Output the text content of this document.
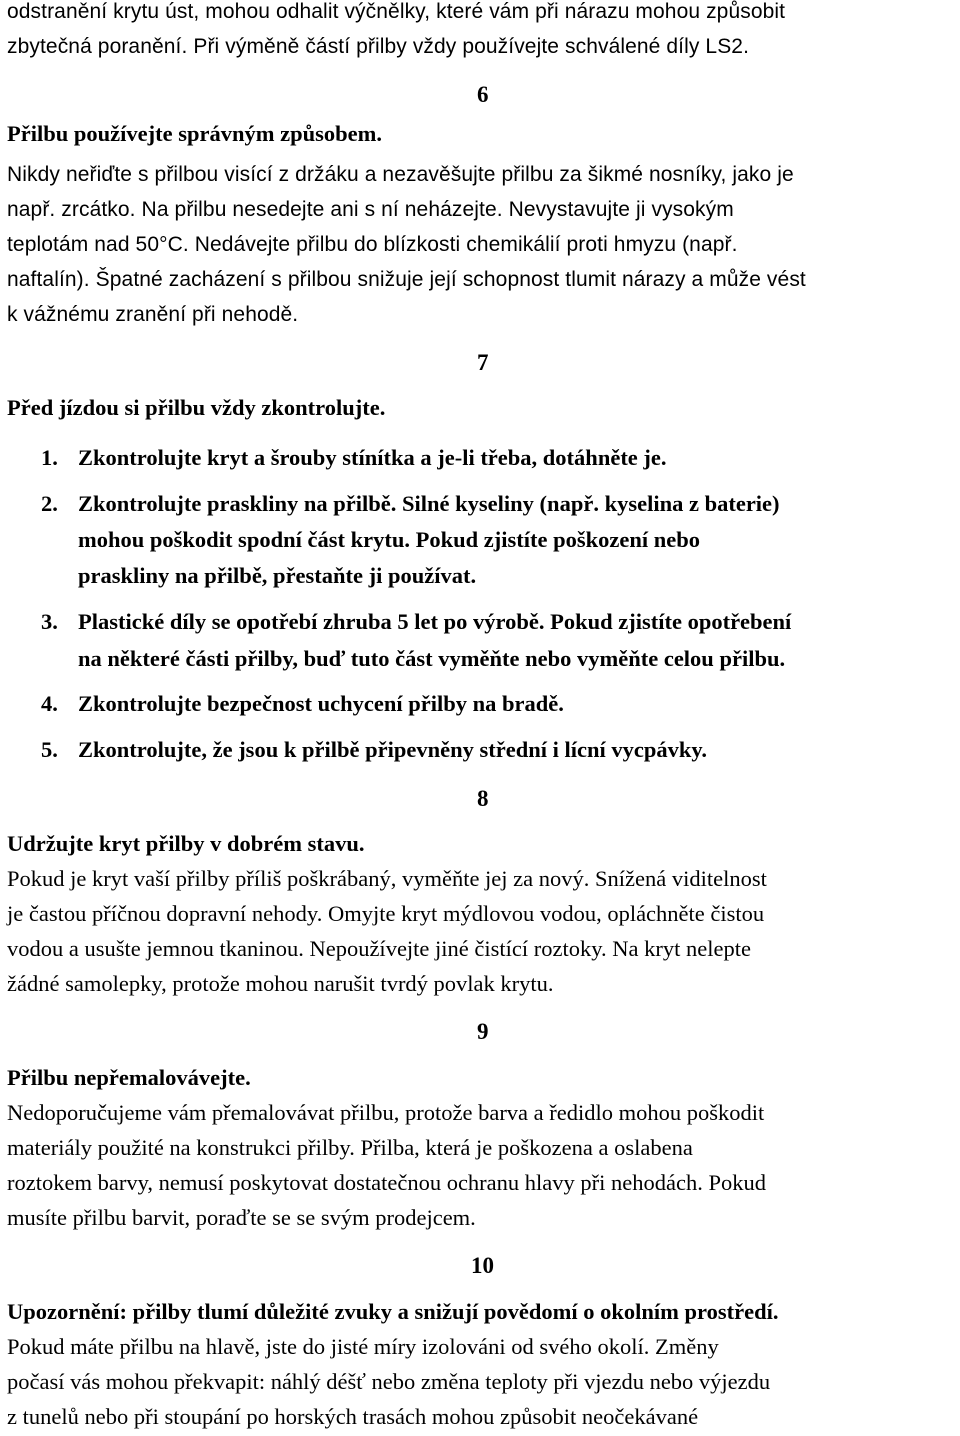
odstranění krytu úst, mohou odhalit výčnělky, které vám při nárazu mohou způsobit
zbytečná poranění. Při výměně částí přilby vždy používejte schválené díly LS2.
6
Přilbu používejte správným způsobem.
Nikdy neřiďte s přilbou visící z držáku a nezavěšujte přilbu za šikmé nosníky, jako je
např. zrcátko. Na přilbu nesedejte ani s ní neházejte. Nevystavujte ji vysokým
teplotám nad 50°C. Nedávejte přilbu do blízkosti chemikálií proti hmyzu (např.
naftalín). Špatné zacházení s přilbou snižuje její schopnost tlumit nárazy a může vést
k vážnému zranění při nehodě.
7
Před jízdou si přilbu vždy zkontrolujte.
1. Zkontrolujte kryt a šrouby stínítka a je-li třeba, dotáhněte je.
2. Zkontrolujte praskliny na přilbě. Silné kyseliny (např. kyselina z baterie)
mohou poškodit spodní část krytu. Pokud zjistíte poškození nebo
praskliny na přilbě, přestaňte ji používat.
3. Plastické díly se opotřebí zhruba 5 let po výrobě. Pokud zjistíte opotřebení
na některé části přilby, buď tuto část vyměňte nebo vyměňte celou přilbu.
4. Zkontrolujte bezpečnost uchycení přilby na bradě.
5. Zkontrolujte, že jsou k přilbě připevněny střední i lícní vycpávky.
8
Udržujte kryt přilby v dobrém stavu.
Pokud je kryt vaší přilby příliš poškrábaný, vyměňte jej za nový. Snížená viditelnost
je častou příčnou dopravní nehody. Omyjte kryt mýdlovou vodou, opláchněte čistou
vodou a usušte jemnou tkaninou. Nepoužívejte jiné čistící roztoky. Na kryt nelepte
žádné samolepky, protože mohou narušit tvrdý povlak krytu.
9
Přilbu nepřemalovávejte.
Nedoporučujeme vám přemalovávat přilbu, protože barva a ředidlo mohou poškodit
materiály použité na konstrukci přilby. Přilba, která je poškozena a oslabena
roztokem barvy, nemusí poskytovat dostatečnou ochranu hlavy při nehodách. Pokud
musíte přilbu barvit, poraďte se se svým prodejcem.
10
Upozornění: přilby tlumí důležité zvuky a snižují povědomí o okolním prostředí.
Pokud máte přilbu na hlavě, jste do jisté míry izolováni od svého okolí. Změny
počasí vás mohou překvapit: náhlý déšť nebo změna teploty při vjezdu nebo výjezdu
z tunelů nebo při stoupání po horských trasách mohou způsobit neočekávané
